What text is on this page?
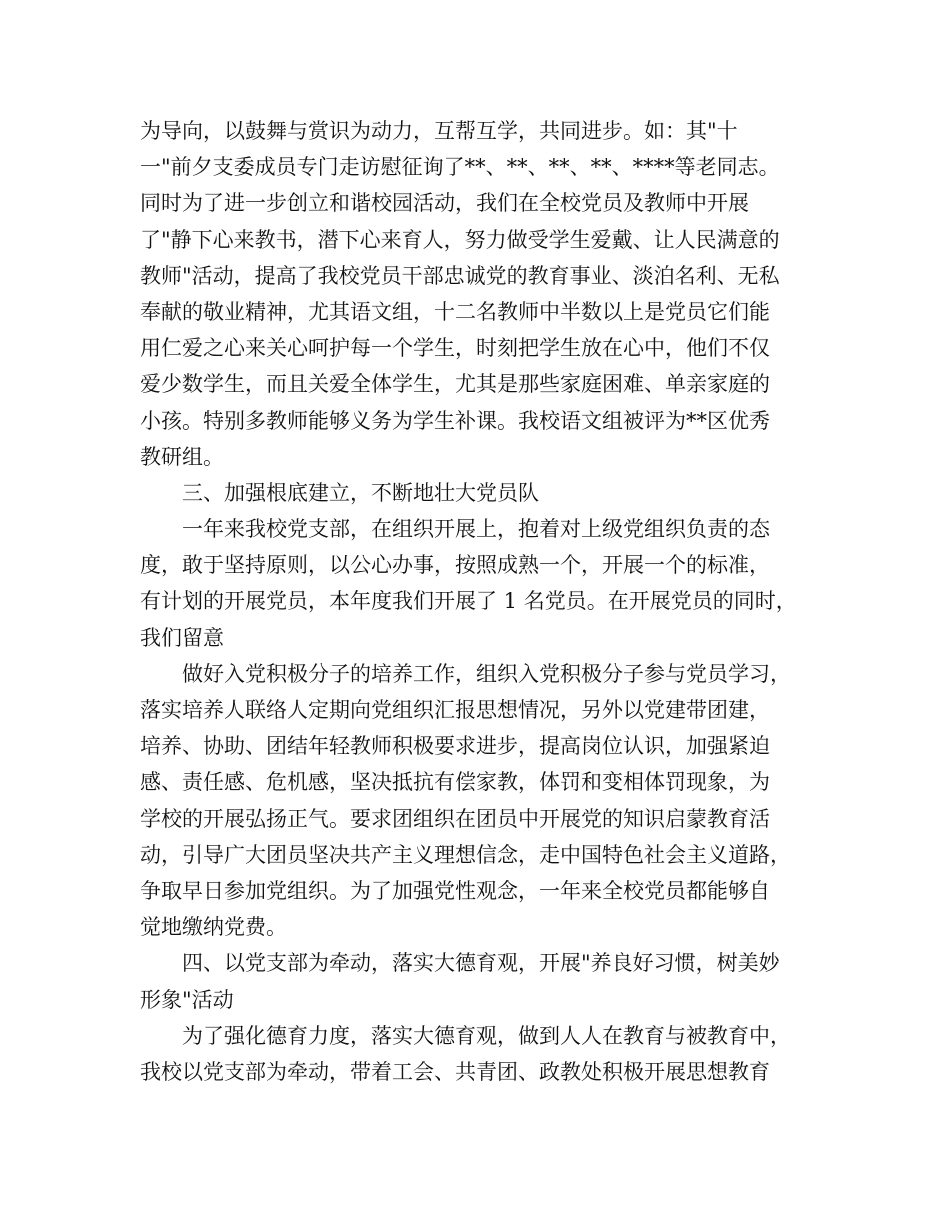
为导向，以鼓舞与赏识为动力，互帮互学，共同进步。如：其"十
一"前夕支委成员专门走访慰征询了**、**、**、**、****等老同志。
同时为了进一步创立和谐校园活动，我们在全校党员及教师中开展
了"静下心来教书，潜下心来育人，努力做受学生爱戴、让人民满意的
教师"活动，提高了我校党员干部忠诚党的教育事业、淡泊名利、无私
奉献的敬业精神，尤其语文组，十二名教师中半数以上是党员它们能
用仁爱之心来关心呵护每一个学生，时刻把学生放在心中，他们不仅
爱少数学生，而且关爱全体学生，尤其是那些家庭困难、单亲家庭的
小孩。特别多教师能够义务为学生补课。我校语文组被评为**区优秀
教研组。
三、加强根底建立，不断地壮大党员队
一年来我校党支部，在组织开展上，抱着对上级党组织负责的态
度，敢于坚持原则，以公心办事，按照成熟一个，开展一个的标准，
有计划的开展党员，本年度我们开展了 1 名党员。在开展党员的同时，
我们留意
做好入党积极分子的培养工作，组织入党积极分子参与党员学习，
落实培养人联络人定期向党组织汇报思想情况，另外以党建带团建，
培养、协助、团结年轻教师积极要求进步，提高岗位认识，加强紧迫
感、责任感、危机感，坚决抵抗有偿家教，体罚和变相体罚现象，为
学校的开展弘扬正气。要求团组织在团员中开展党的知识启蒙教育活
动，引导广大团员坚决共产主义理想信念，走中国特色社会主义道路，
争取早日参加党组织。为了加强党性观念，一年来全校党员都能够自
觉地缴纳党费。
四、以党支部为牵动，落实大德育观，开展"养良好习惯，树美妙
形象"活动
为了强化德育力度，落实大德育观，做到人人在教育与被教育中，
我校以党支部为牵动，带着工会、共青团、政教处积极开展思想教育
